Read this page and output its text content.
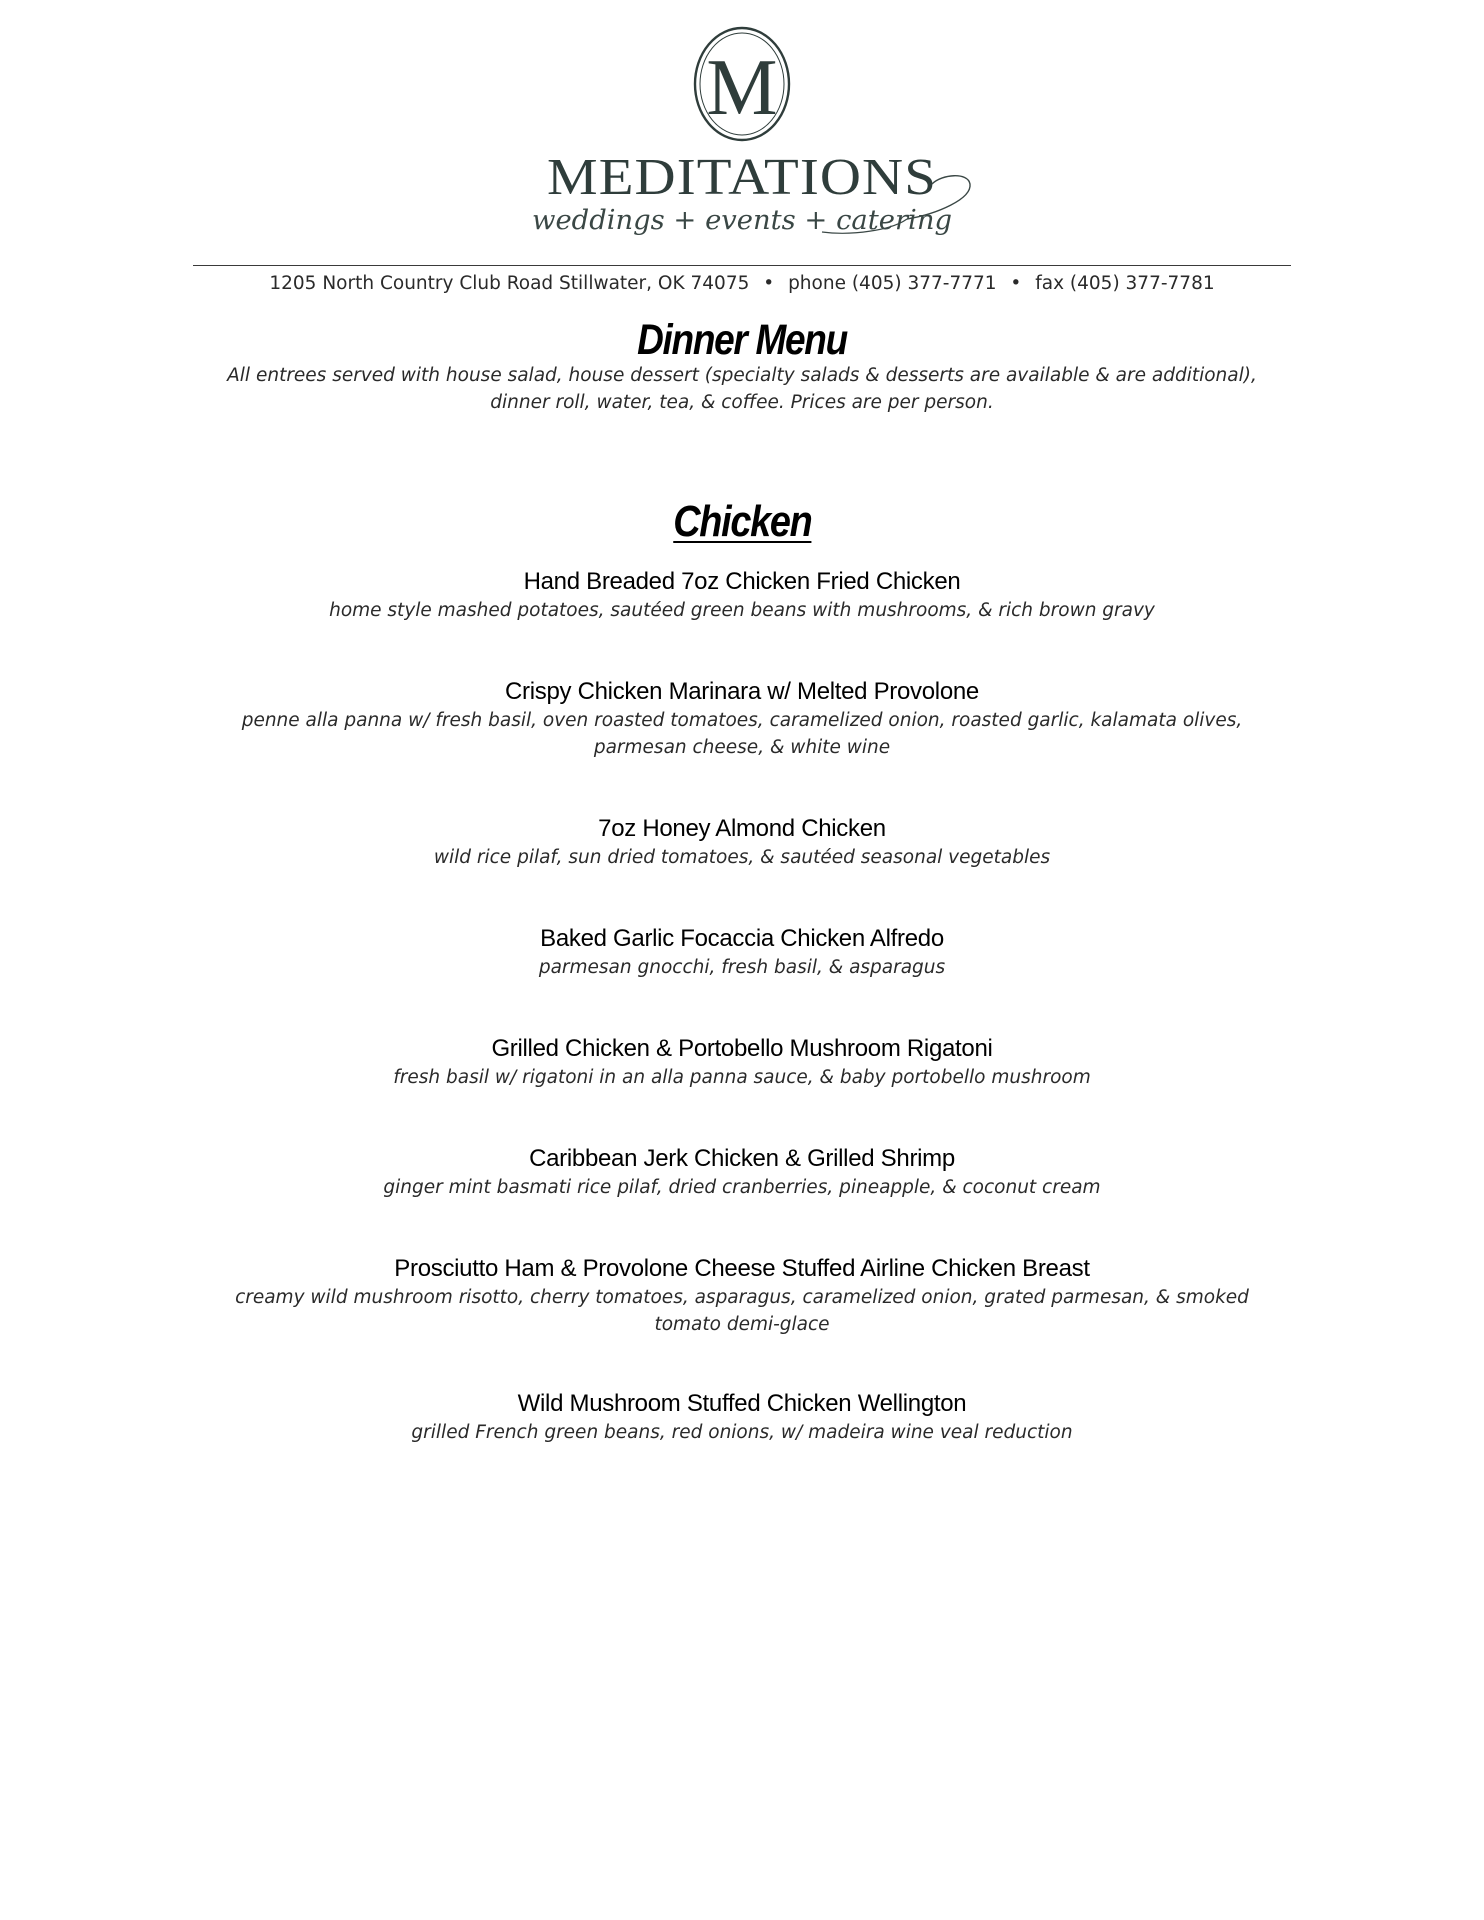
M
MEDITATIONS
weddings + events + catering
1205 North Country Club Road Stillwater, OK 74075 • phone (405) 377-7771 • fax (405) 377-7781
Dinner Menu
All entrees served with house salad, house dessert (specialty salads & desserts are available & are additional), dinner roll, water, tea, & coffee. Prices are per person.
Chicken
Hand Breaded 7oz Chicken Fried Chicken
home style mashed potatoes, sautéed green beans with mushrooms, & rich brown gravy
Crispy Chicken Marinara w/ Melted Provolone
penne alla panna w/ fresh basil, oven roasted tomatoes, caramelized onion, roasted garlic, kalamata olives, parmesan cheese, & white wine
7oz Honey Almond Chicken
wild rice pilaf, sun dried tomatoes, & sautéed seasonal vegetables
Baked Garlic Focaccia Chicken Alfredo
parmesan gnocchi, fresh basil, & asparagus
Grilled Chicken & Portobello Mushroom Rigatoni
fresh basil w/ rigatoni in an alla panna sauce, & baby portobello mushroom
Caribbean Jerk Chicken & Grilled Shrimp
ginger mint basmati rice pilaf, dried cranberries, pineapple, & coconut cream
Prosciutto Ham & Provolone Cheese Stuffed Airline Chicken Breast
creamy wild mushroom risotto, cherry tomatoes, asparagus, caramelized onion, grated parmesan, & smoked tomato demi-glace
Wild Mushroom Stuffed Chicken Wellington
grilled French green beans, red onions, w/ madeira wine veal reduction
